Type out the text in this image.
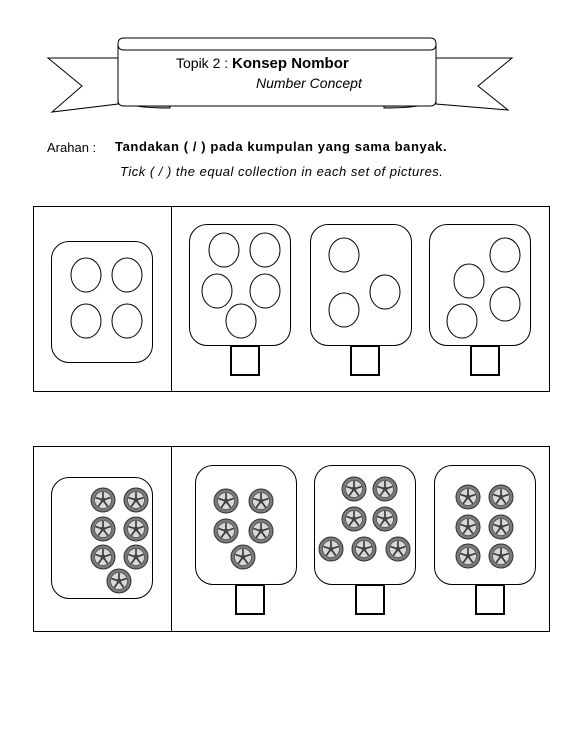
Topik 2 : Konsep Nombor
Number Concept
Arahan : Tandakan ( / ) pada kumpulan yang sama banyak.
Tick ( / ) the equal collection in each set of pictures.
